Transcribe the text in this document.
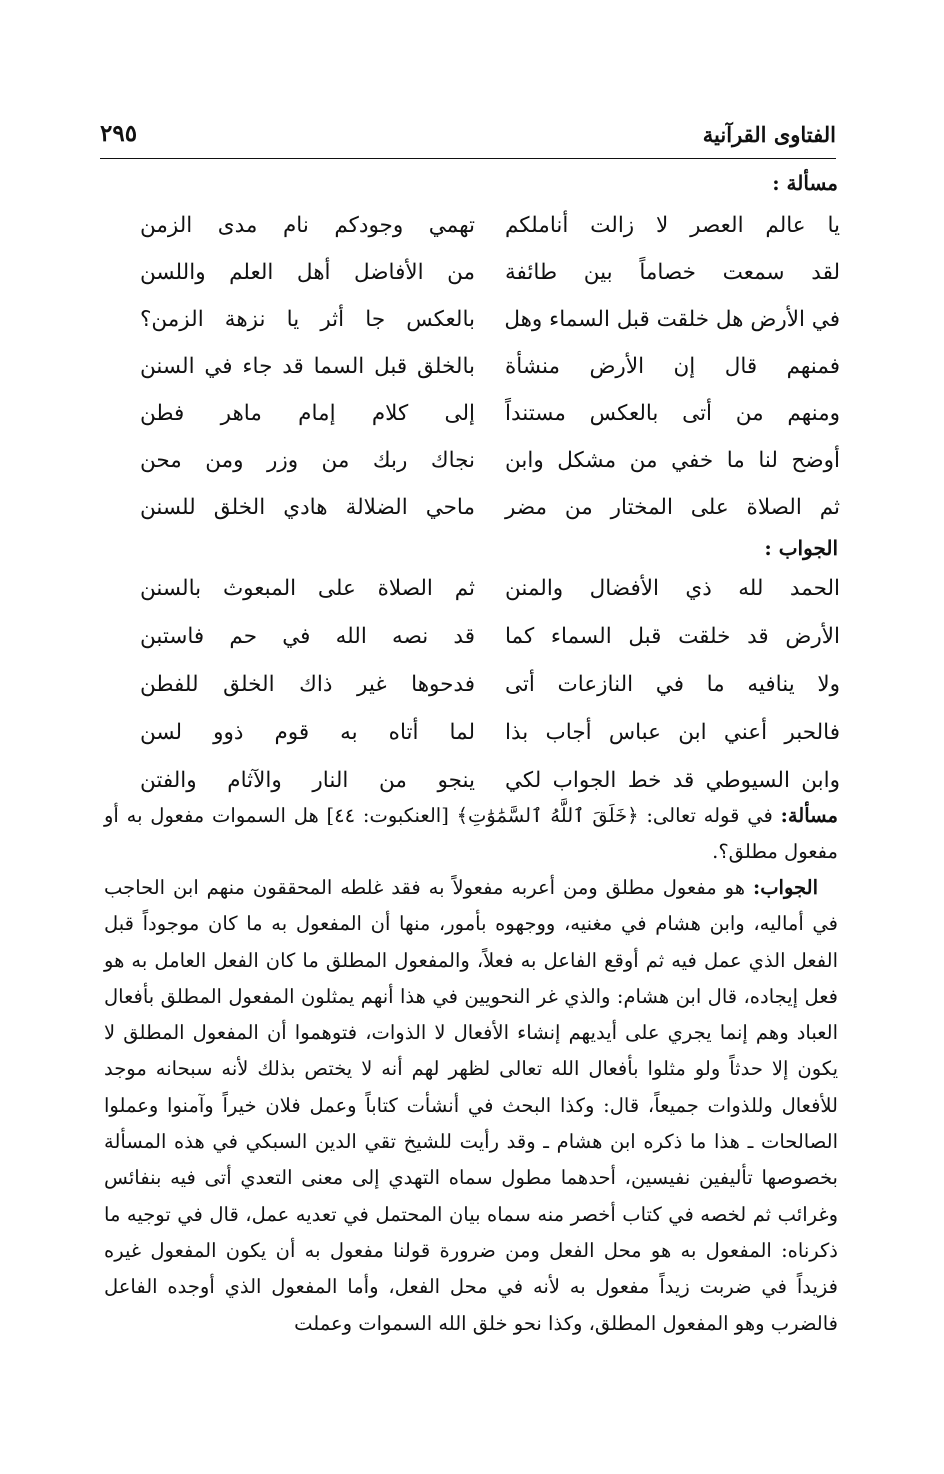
الفتاوى القرآنية
٢٩٥
مسألة :
يا عالم العصر لا زالت أناملكم
تهمي وجودكم نام مدى الزمن
لقد سمعت خصاماً بين طائفة
من الأفاضل أهل العلم واللسن
في الأرض هل خلقت قبل السماء وهل
بالعكس جا أثر يا نزهة الزمن؟
فمنهم قال إن الأرض منشأة
بالخلق قبل السما قد جاء في السنن
ومنهم من أتى بالعكس مستنداً
إلى كلام إمام ماهر فطن
أوضح لنا ما خفي من مشكل وابن
نجاك ربك من وزر ومن محن
ثم الصلاة على المختار من مضر
ماحي الضلالة هادي الخلق للسنن
الجواب :
الحمد لله ذي الأفضال والمنن
ثم الصلاة على المبعوث بالسنن
الأرض قد خلقت قبل السماء كما
قد نصه الله في حم فاستبن
ولا ينافيه ما في النازعات أتى
فدحوها غير ذاك الخلق للفطن
فالحبر أعني ابن عباس أجاب بذا
لما أتاه به قوم ذوو لسن
وابن السيوطي قد خط الجواب لكي
ينجو من النار والآثام والفتن

مسألة: في قوله تعالى: ﴿خَلَقَ ٱللَّهُ ٱلسَّمَٰوَٰتِ﴾ [العنكبوت: ٤٤] هل السموات مفعول به أو مفعول مطلق؟.

الجواب: هو مفعول مطلق ومن أعربه مفعولاً به فقد غلطه المحققون منهم ابن الحاجب في أماليه، وابن هشام في مغنيه، ووجهوه بأمور، منها أن المفعول به ما كان موجوداً قبل الفعل الذي عمل فيه ثم أوقع الفاعل به فعلاً، والمفعول المطلق ما كان الفعل العامل به هو فعل إيجاده، قال ابن هشام: والذي غر النحويين في هذا أنهم يمثلون المفعول المطلق بأفعال العباد وهم إنما يجري على أيديهم إنشاء الأفعال لا الذوات، فتوهموا أن المفعول المطلق لا يكون إلا حدثاً ولو مثلوا بأفعال الله تعالى لظهر لهم أنه لا يختص بذلك لأنه سبحانه موجد للأفعال وللذوات جميعاً، قال: وكذا البحث في أنشأت كتاباً وعمل فلان خيراً وآمنوا وعملوا الصالحات ـ هذا ما ذكره ابن هشام ـ وقد رأيت للشيخ تقي الدين السبكي في هذه المسألة بخصوصها تأليفين نفيسين، أحدهما مطول سماه التهدي إلى معنى التعدي أتى فيه بنفائس وغرائب ثم لخصه في كتاب أخصر منه سماه بيان المحتمل في تعديه عمل، قال في توجيه ما ذكرناه: المفعول به هو محل الفعل ومن ضرورة قولنا مفعول به أن يكون المفعول غيره فزيداً في ضربت زيداً مفعول به لأنه في محل الفعل، وأما المفعول الذي أوجده الفاعل فالضرب وهو المفعول المطلق، وكذا نحو خلق الله السموات وعملت
